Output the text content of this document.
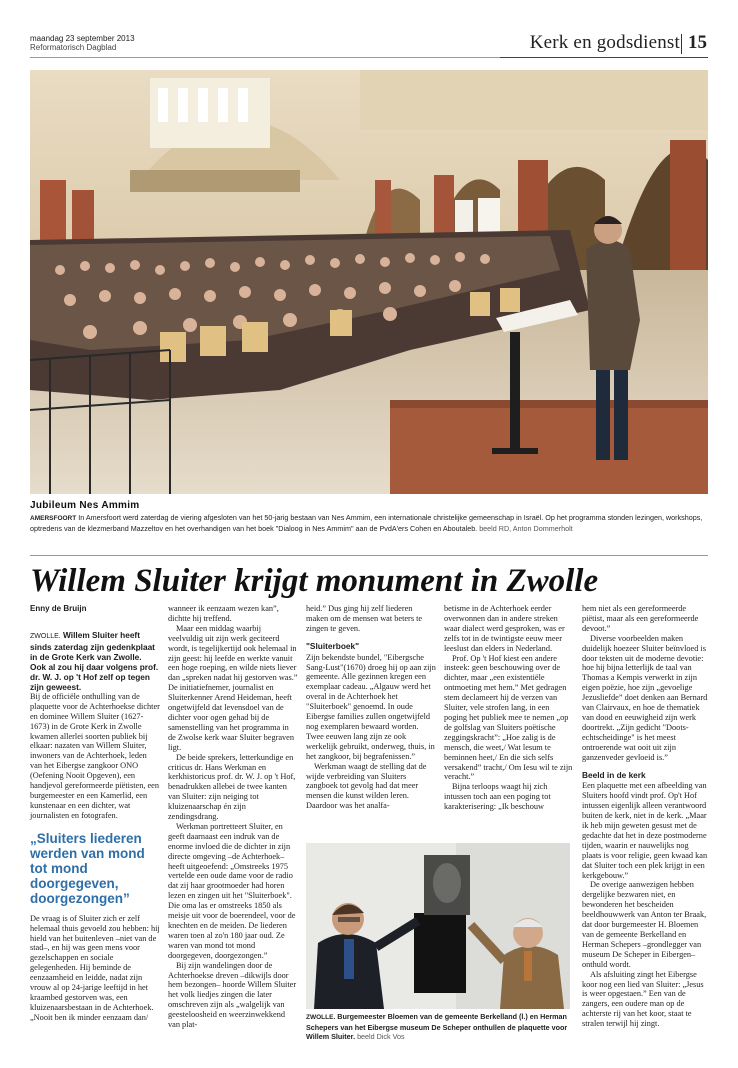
maandag 23 september 2013
Reformatorisch Dagblad	Kerk en godsdienst 15
Jubileum Nes Ammim
AMERSFOORT In Amersfoort werd zaterdag de viering afgesloten van het 50-jarig bestaan van Nes Ammim, een internationale christelijke gemeenschap in Israël. Op het programma stonden lezingen, workshops, optredens van de klezmerband Mazzeltov en het overhandigen van het boek "Dialoog in Nes Ammim" aan de PvdA'ers Cohen en Aboutaleb. beeld RD, Anton Dommerholt
Willem Sluiter krijgt monument in Zwolle
Enny de Bruijn

ZWOLLE. Willem Sluiter heeft sinds zaterdag zijn gedenkplaat in de Grote Kerk van Zwolle. Ook al zou hij daar volgens prof. dr. W. J. op 't Hof zelf op tegen zijn geweest.

Bij de officiële onthulling van de plaquette voor de Achterhoekse dichter en dominee Willem Sluiter (1627-1673) in de Grote Kerk in Zwolle kwamen allerlei soorten publiek bij elkaar: nazaten van Willem Sluiter, inwoners van de Achterhoek, leden van het Eibergse zangkoor ONO (Oefening Nooit Opgeven), een handjevol gereformeerde piëtisten, een burgemeester en een Kamerlid, een kunstenaar en een dichter, wat journalisten en fotografen.

„Sluiters liederen werden van mond tot mond doorgegeven, doorgezongen”

De vraag is of Sluiter zich er zelf helemaal thuis gevoeld zou hebben: hij hield van het buitenleven –niet van de stad–, en hij was geen mens voor gezelschappen en sociale gelegenheden. Hij beminde de eenzaamheid en leidde, nadat zijn vrouw al op 24-jarige leeftijd in het kraambed gestorven was, een kluizenaarsbestaan in de Achterhoek. „Nooit ben ik minder eenzaam dan/

wanneer ik eenzaam wezen kan”, dichtte hij treffend.

Maar een middag waarbij veelvuldig uit zijn werk geciteerd wordt, is tegelijkertijd ook helemaal in zijn geest: hij leefde en werkte vanuit een hoge roeping, en wilde niets liever dan „spreken nadat hij gestorven was.” De initiatiefnemer, journalist en Sluiterkenner Arend Heideman, heeft ongetwijfeld dat levensdoel van de dichter voor ogen gehad bij de samenstelling van het programma in de Zwolse kerk waar Sluiter begraven ligt.

De beide sprekers, letterkundige en criticus dr. Hans Werkman en kerkhistoricus prof. dr. W. J. op 't Hof, benadrukken allebei de twee kanten van Sluiter: zijn neiging tot kluizenaarschap én zijn zendingsdrang.

Werkman portretteert Sluiter, en geeft daarnaast een indruk van de enorme invloed die de dichter in zijn directe omgeving –de Achterhoek– heeft uitgeoefend: „Omstreeks 1975 vertelde een oude dame voor de radio dat zij haar grootmoeder had horen lezen en zingen uit het "Sluiterboek". Die oma las er omstreeks 1850 als meisje uit voor de boerendeel, voor de knechten en de meiden. De liederen waren toen al zo'n 180 jaar oud. Ze waren van mond tot mond doorgegeven, doorgezongen.”

Bij zijn wandelingen door de Achterhoekse dreven –dikwijls door hem bezongen– hoorde Willem Sluiter het volk liedjes zingen die later omschreven zijn als „walgelijk van geesteloosheid en weerzinwekkend van plat-

heid.” Dus ging hij zelf liederen maken om de mensen wat beters te zingen te geven.

"Sluiterboek"

Zijn bekendste bundel, "Eibergsche Sang-Lust"(1670) droeg hij op aan zijn gemeente. Alle gezinnen kregen een exemplaar cadeau. „Algauw werd het overal in de Achterhoek het "Sluiterboek" genoemd. In oude Eibergse families zullen ongetwijfeld nog exemplaren bewaard worden. Twee eeuwen lang zijn ze ook werkelijk gebruikt, onderweg, thuis, in het zangkoor, bij begrafenissen.”

Werkman waagt de stelling dat de wijde verbreiding van Sluiters zangboek tot gevolg had dat meer mensen die kunst wilden leren. Daardoor was het analfa-

betisme in de Achterhoek eerder overwonnen dan in andere streken waar dialect werd gesproken, was er zelfs tot in de twintigste eeuw meer leeslust dan elders in Nederland.

Prof. Op 't Hof kiest een andere insteek: geen beschouwing over de dichter, maar „een existentiële ontmoeting met hem.” Met gedragen stem declameert hij de verzen van Sluiter, vele strofen lang, in een poging het publiek mee te nemen „op de golfslag van Sluiters poëtische zeggingskracht”: „Hoe zalig is de mensch, die weet,/ Wat lesum te beminnen heet,/ En die sich selfs versakend” tracht,/ Om Iesu wil te zijn veracht.”

Bijna terloops waagt hij zich intussen toch aan een poging tot karakterisering: „Ik beschouw

hem niet als een gereformeerde piëtist, maar als een gereformeerde devoot.”

Diverse voorbeelden maken duidelijk hoezeer Sluiter beïnvloed is door teksten uit de moderne devotie: hoe hij bijna letterlijk de taal van Thomas a Kempis verwerkt in zijn eigen poëzie, hoe zijn „gevoelige Jezusliefde” doet denken aan Bernard van Clairvaux, en hoe de thematiek van dood en eeuwigheid zijn werk doortrekt. „Zijn gedicht "Doots-echtscheidinge" is het meest ontroerende wat ooit uit zijn ganzenveder gevloeid is.”

Beeld in de kerk

Een plaquette met een afbeelding van Sluiters hoofd vindt prof. Op't Hof intussen eigenlijk alleen verantwoord buiten de kerk, niet in de kerk. „Maar ik heb mijn geweten gesust met de gedachte dat het in deze postmoderne tijden, waarin er nauwelijks nog plaats is voor religie, geen kwaad kan dat Sluiter toch een plek krijgt in een kerkgebouw.”

De overige aanwezigen hebben dergelijke bezwaren niet, en bewonderen het bescheiden beeldhouwwerk van Anton ter Braak, dat door burgemeester H. Bloemen van de gemeente Berkelland en Herman Schepers –grondlegger van museum De Scheper in Eibergen– onthuld wordt.

Als afsluiting zingt het Eibergse koor nog een lied van Sluiter: „Jesus is weer opgestaen.” Een van de zangers, een oudere man op de achterste rij van het koor, staat te stralen terwijl hij zingt.

ZWOLLE. Burgemeester Bloemen van de gemeente Berkelland (l.) en Herman Schepers van het Eibergse museum De Scheper onthullen de plaquette voor Willem Sluiter. beeld Dick Vos
